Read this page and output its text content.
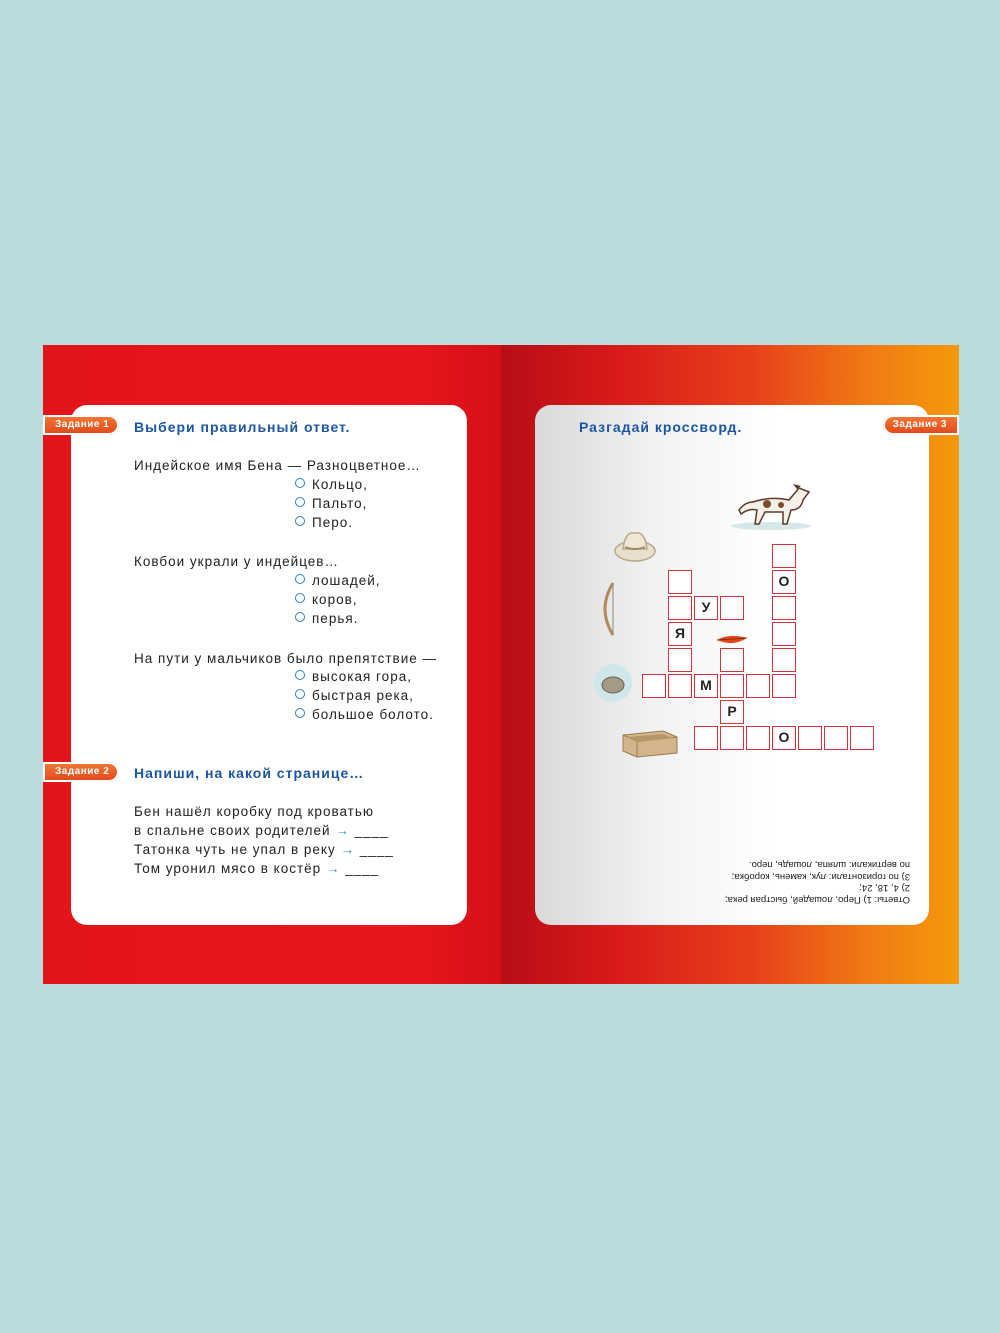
Задание 1	Выбери правильный ответ.
Индейское имя Бена — Разноцветное…
Кольцо,
Пальто,
Перо.
Ковбои украли у индейцев…
лошадей,
коров,
перья.
На пути у мальчиков было препятствие —
высокая гора,
быстрая река,
большое болото.
Задание 2	Напиши, на какой странице…
Бен нашёл коробку под кроватью
в спальне своих родителей → ____
Татонка чуть не упал в реку → ____
Том уронил мясо в костёр → ____
Задание 3
Разгадай кроссворд.
О
Я
У
Р
М
О
Ответы: 1) Перо, лошадей, быстрая река;
2) 4, 18, 24;
3) по горизонтали: лук, камень, коробка;
по вертикали: шляпа, лошадь, перо.
